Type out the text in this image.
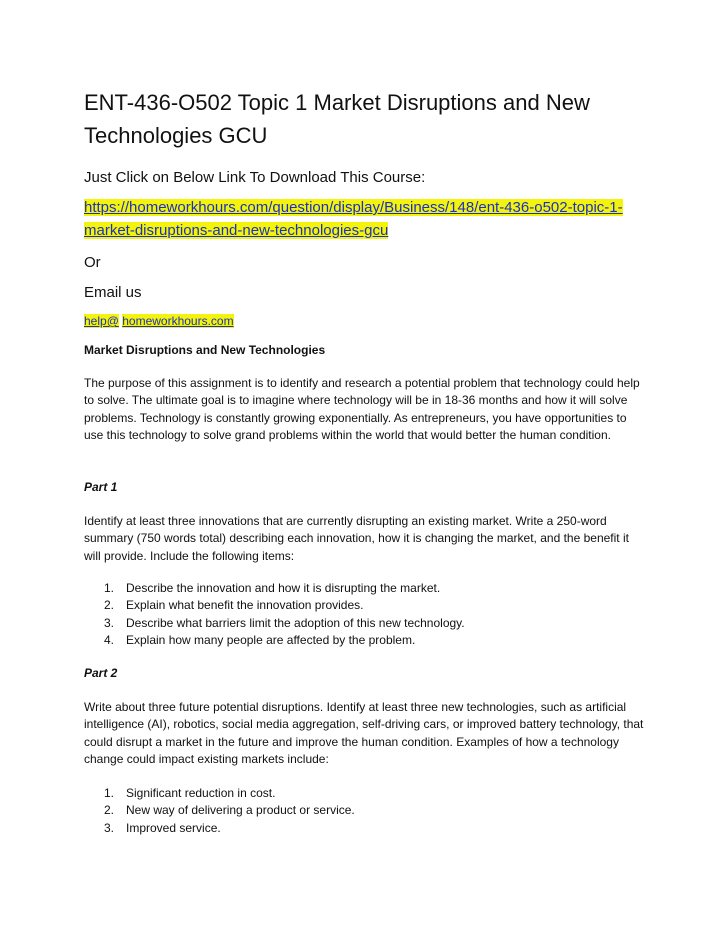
ENT-436-O502 Topic 1 Market Disruptions and New Technologies GCU

Just Click on Below Link To Download This Course:

https://homeworkhours.com/question/display/Business/148/ent-436-o502-topic-1-market-disruptions-and-new-technologies-gcu

Or

Email us

help@ homeworkhours.com

Market Disruptions and New Technologies

The purpose of this assignment is to identify and research a potential problem that technology could help to solve. The ultimate goal is to imagine where technology will be in 18-36 months and how it will solve problems. Technology is constantly growing exponentially. As entrepreneurs, you have opportunities to use this technology to solve grand problems within the world that would better the human condition.

Part 1

Identify at least three innovations that are currently disrupting an existing market. Write a 250-word summary (750 words total) describing each innovation, how it is changing the market, and the benefit it will provide. Include the following items:

1. Describe the innovation and how it is disrupting the market.
2. Explain what benefit the innovation provides.
3. Describe what barriers limit the adoption of this new technology.
4. Explain how many people are affected by the problem.

Part 2

Write about three future potential disruptions. Identify at least three new technologies, such as artificial intelligence (AI), robotics, social media aggregation, self-driving cars, or improved battery technology, that could disrupt a market in the future and improve the human condition. Examples of how a technology change could impact existing markets include:

1. Significant reduction in cost.
2. New way of delivering a product or service.
3. Improved service.
